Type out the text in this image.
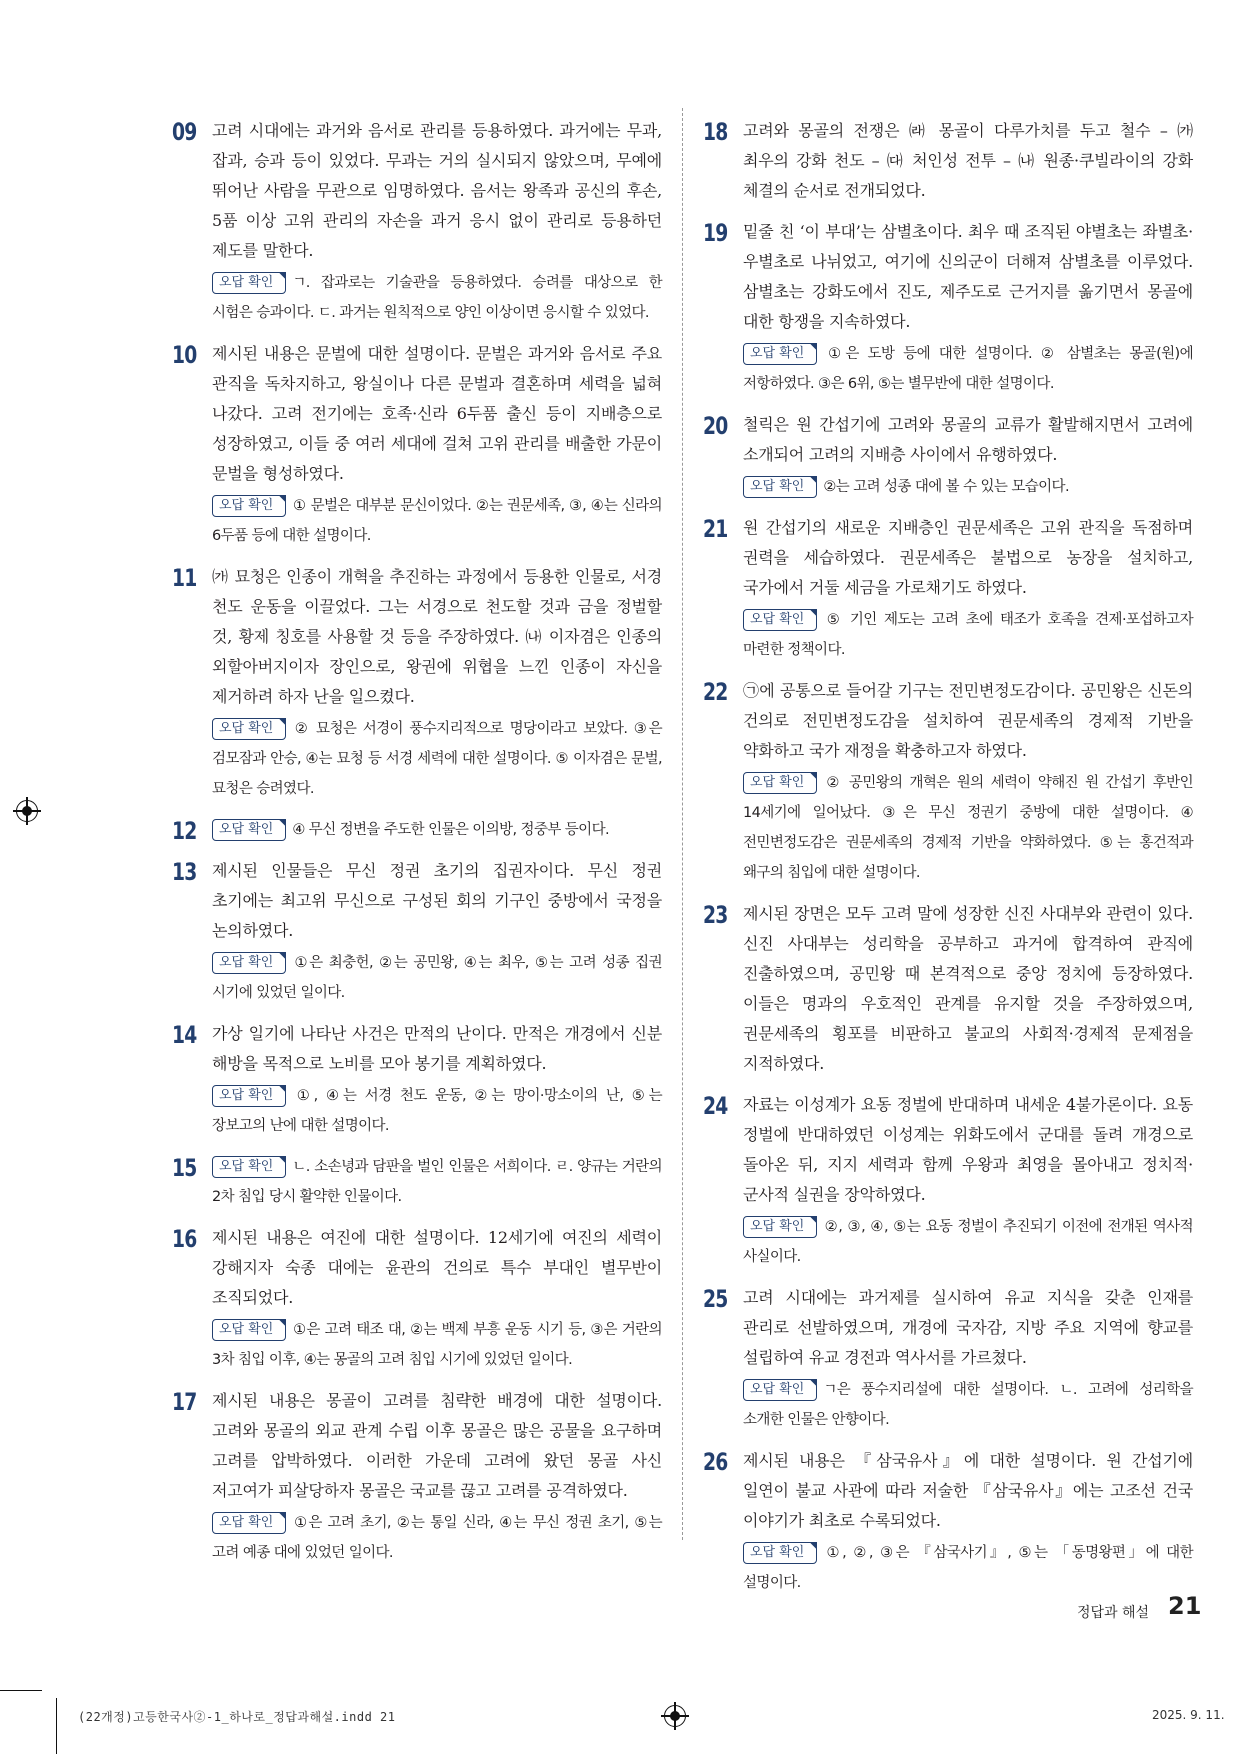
09 고려 시대에는 과거와 음서로 관리를 등용하였다. 과거에는 무과, 잡과, 승과 등이 있었다. 무과는 거의 실시되지 않았으며, 무예에 뛰어난 사람을 무관으로 임명하였다. 음서는 왕족과 공신의 후손, 5품 이상 고위 관리의 자손을 과거 응시 없이 관리로 등용하던 제도를 말한다.
오답 확인 ㄱ. 잡과로는 기술관을 등용하였다. 승려를 대상으로 한 시험은 승과이다. ㄷ. 과거는 원칙적으로 양인 이상이면 응시할 수 있었다.
10 제시된 내용은 문벌에 대한 설명이다. 문벌은 과거와 음서로 주요 관직을 독차지하고, 왕실이나 다른 문벌과 결혼하며 세력을 넓혀 나갔다. 고려 전기에는 호족·신라 6두품 출신 등이 지배층으로 성장하였고, 이들 중 여러 세대에 걸쳐 고위 관리를 배출한 가문이 문벌을 형성하였다.
오답 확인 ① 문벌은 대부분 문신이었다. ②는 권문세족, ③, ④는 신라의 6두품 등에 대한 설명이다.
11 ㈎ 묘청은 인종이 개혁을 추진하는 과정에서 등용한 인물로, 서경 천도 운동을 이끌었다. 그는 서경으로 천도할 것과 금을 정벌할 것, 황제 칭호를 사용할 것 등을 주장하였다. ㈏ 이자겸은 인종의 외할아버지이자 장인으로, 왕권에 위협을 느낀 인종이 자신을 제거하려 하자 난을 일으켰다.
오답 확인 ② 묘청은 서경이 풍수지리적으로 명당이라고 보았다. ③은 검모잠과 안승, ④는 묘청 등 서경 세력에 대한 설명이다. ⑤ 이자겸은 문벌, 묘청은 승려였다.
12	오답 확인 ④ 무신 정변을 주도한 인물은 이의방, 정중부 등이다.
13 제시된 인물들은 무신 정권 초기의 집권자이다. 무신 정권 초기에는 최고위 무신으로 구성된 회의 기구인 중방에서 국정을 논의하였다.
오답 확인 ①은 최충헌, ②는 공민왕, ④는 최우, ⑤는 고려 성종 집권 시기에 있었던 일이다.
14 가상 일기에 나타난 사건은 만적의 난이다. 만적은 개경에서 신분 해방을 목적으로 노비를 모아 봉기를 계획하였다.
오답 확인 ①, ④는 서경 천도 운동, ②는 망이·망소이의 난, ⑤는 장보고의 난에 대한 설명이다.
15	오답 확인 ㄴ. 소손녕과 담판을 벌인 인물은 서희이다. ㄹ. 양규는 거란의 2차 침입 당시 활약한 인물이다.
16 제시된 내용은 여진에 대한 설명이다. 12세기에 여진의 세력이 강해지자 숙종 대에는 윤관의 건의로 특수 부대인 별무반이 조직되었다.
오답 확인 ①은 고려 태조 대, ②는 백제 부흥 운동 시기 등, ③은 거란의 3차 침입 이후, ④는 몽골의 고려 침입 시기에 있었던 일이다.
17 제시된 내용은 몽골이 고려를 침략한 배경에 대한 설명이다. 고려와 몽골의 외교 관계 수립 이후 몽골은 많은 공물을 요구하며 고려를 압박하였다. 이러한 가운데 고려에 왔던 몽골 사신 저고여가 피살당하자 몽골은 국교를 끊고 고려를 공격하였다.
오답 확인 ①은 고려 초기, ②는 통일 신라, ④는 무신 정권 초기, ⑤는 고려 예종 대에 있었던 일이다.
18 고려와 몽골의 전쟁은 ㈑ 몽골이 다루가치를 두고 철수 – ㈎ 최우의 강화 천도 – ㈐ 처인성 전투 – ㈏ 원종·쿠빌라이의 강화 체결의 순서로 전개되었다.
19 밑줄 친 ‘이 부대’는 삼별초이다. 최우 때 조직된 야별초는 좌별초·우별초로 나뉘었고, 여기에 신의군이 더해져 삼별초를 이루었다. 삼별초는 강화도에서 진도, 제주도로 근거지를 옮기면서 몽골에 대한 항쟁을 지속하였다.
오답 확인 ①은 도방 등에 대한 설명이다. ② 삼별초는 몽골(원)에 저항하였다. ③은 6위, ⑤는 별무반에 대한 설명이다.
20 철릭은 원 간섭기에 고려와 몽골의 교류가 활발해지면서 고려에 소개되어 고려의 지배층 사이에서 유행하였다.
오답 확인 ②는 고려 성종 대에 볼 수 있는 모습이다.
21 원 간섭기의 새로운 지배층인 권문세족은 고위 관직을 독점하며 권력을 세습하였다. 권문세족은 불법으로 농장을 설치하고, 국가에서 거둘 세금을 가로채기도 하였다.
오답 확인 ⑤ 기인 제도는 고려 초에 태조가 호족을 견제·포섭하고자 마련한 정책이다.
22 ㉠에 공통으로 들어갈 기구는 전민변정도감이다. 공민왕은 신돈의 건의로 전민변정도감을 설치하여 권문세족의 경제적 기반을 약화하고 국가 재정을 확충하고자 하였다.
오답 확인 ② 공민왕의 개혁은 원의 세력이 약해진 원 간섭기 후반인 14세기에 일어났다. ③은 무신 정권기 중방에 대한 설명이다. ④ 전민변정도감은 권문세족의 경제적 기반을 약화하였다. ⑤는 홍건적과 왜구의 침입에 대한 설명이다.
23 제시된 장면은 모두 고려 말에 성장한 신진 사대부와 관련이 있다. 신진 사대부는 성리학을 공부하고 과거에 합격하여 관직에 진출하였으며, 공민왕 때 본격적으로 중앙 정치에 등장하였다. 이들은 명과의 우호적인 관계를 유지할 것을 주장하였으며, 권문세족의 횡포를 비판하고 불교의 사회적·경제적 문제점을 지적하였다.
24 자료는 이성계가 요동 정벌에 반대하며 내세운 4불가론이다. 요동 정벌에 반대하였던 이성계는 위화도에서 군대를 돌려 개경으로 돌아온 뒤, 지지 세력과 함께 우왕과 최영을 몰아내고 정치적·군사적 실권을 장악하였다.
오답 확인 ②, ③, ④, ⑤는 요동 정벌이 추진되기 이전에 전개된 역사적 사실이다.
25 고려 시대에는 과거제를 실시하여 유교 지식을 갖춘 인재를 관리로 선발하였으며, 개경에 국자감, 지방 주요 지역에 향교를 설립하여 유교 경전과 역사서를 가르쳤다.
오답 확인 ㄱ은 풍수지리설에 대한 설명이다. ㄴ. 고려에 성리학을 소개한 인물은 안향이다.
26 제시된 내용은 『삼국유사』에 대한 설명이다. 원 간섭기에 일연이 불교 사관에 따라 저술한 『삼국유사』에는 고조선 건국 이야기가 최초로 수록되었다.
오답 확인 ①, ②, ③은 『삼국사기』, ⑤는 「동명왕편」에 대한 설명이다.
정답과 해설 21
(22개정)고등한국사②-1_하나로_정답과해설.indd 21	2025. 9. 11.
